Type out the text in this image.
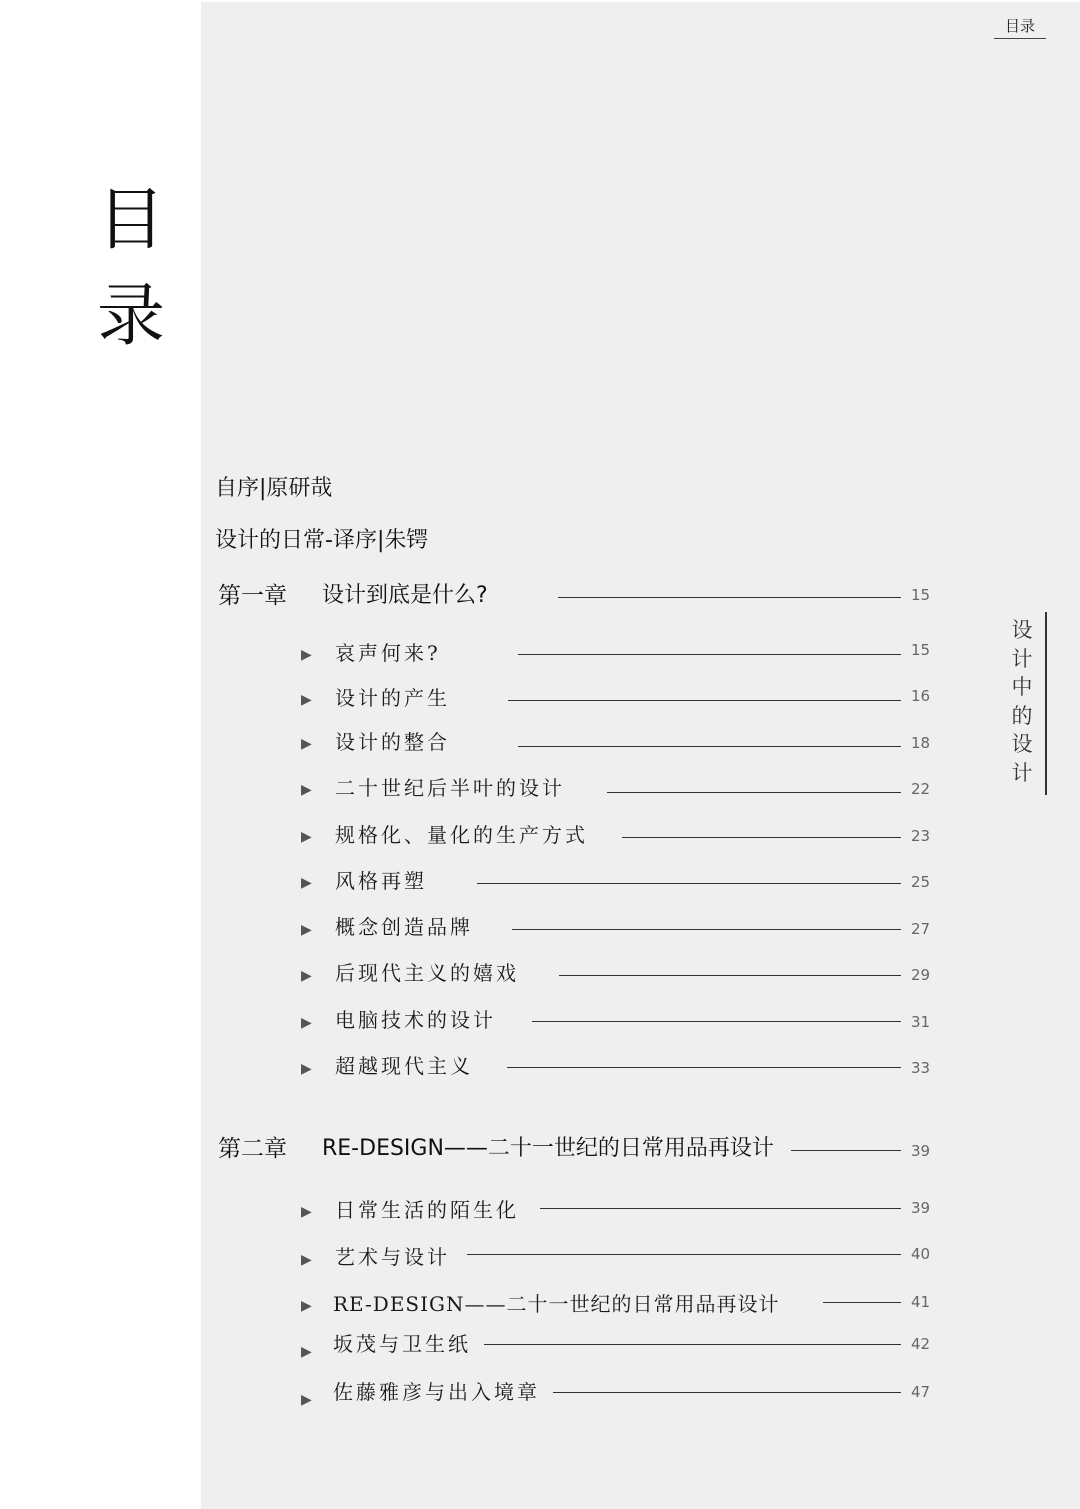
目录
目
录
设
计
中
的
设
计
自序|原研哉
设计的日常-译序|朱锷
第一章 设计到底是什么?	15
▶ 哀声何来?	15
▶ 设计的产生	16
▶ 设计的整合	18
▶ 二十世纪后半叶的设计	22
▶ 规格化、量化的生产方式	23
▶ 风格再塑	25
▶ 概念创造品牌	27
▶ 后现代主义的嬉戏	29
▶ 电脑技术的设计	31
▶ 超越现代主义	33
第二章 RE-DESIGN——二十一世纪的日常用品再设计	39
▶ 日常生活的陌生化	39
▶ 艺术与设计	40
▶ RE-DESIGN——二十一世纪的日常用品再设计	41
▶ 坂茂与卫生纸	42
▶ 佐藤雅彦与出入境章	47
